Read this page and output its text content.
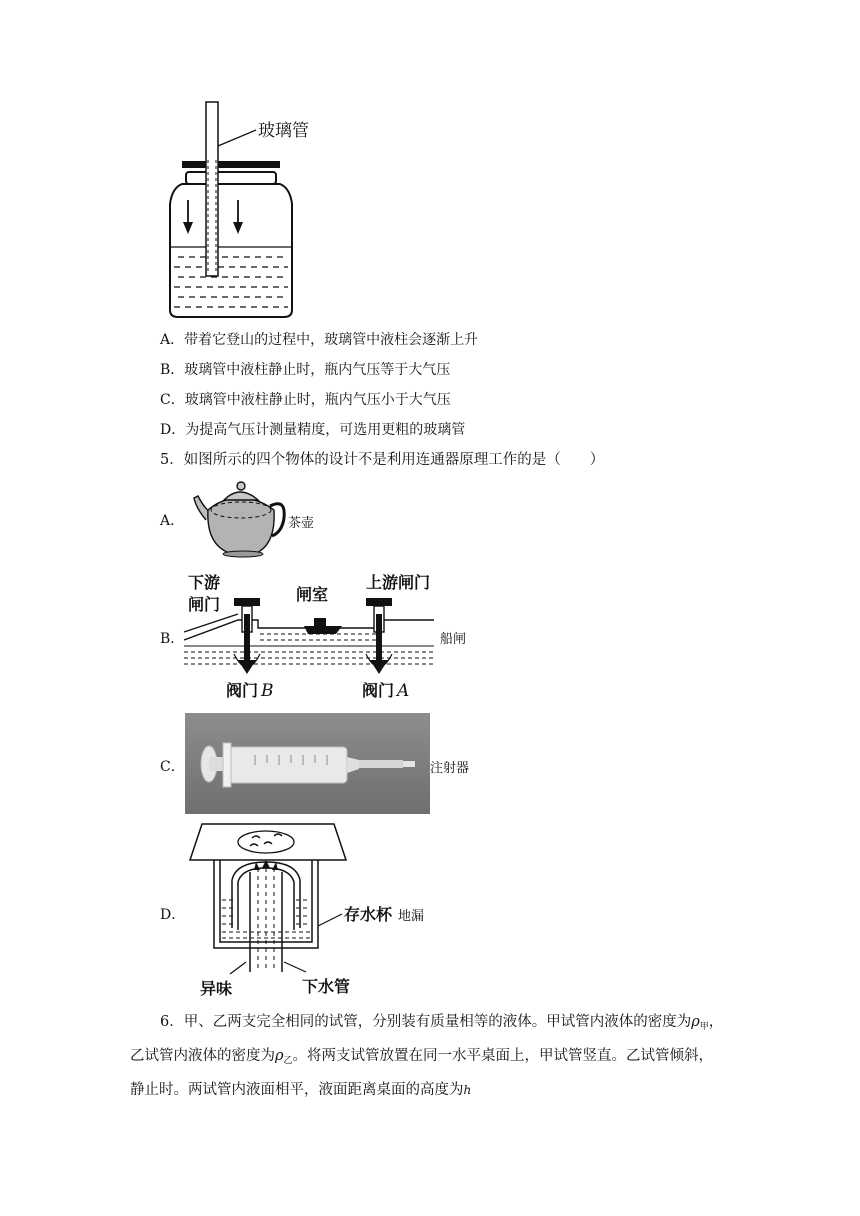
玻璃管
A．带着它登山的过程中，玻璃管中液柱会逐渐上升
B．玻璃管中液柱静止时，瓶内气压等于大气压
C．玻璃管中液柱静止时，瓶内气压小于大气压
D．为提高气压计测量精度，可选用更粗的玻璃管
5．如图所示的四个物体的设计不是利用连通器原理工作的是（　　）
A．	茶壶
B．
下游
闸门
闸室
上游闸门
阀门 B	阀门 A
船闸
C．	注射器
D．	存水杯
异味	下水管
地漏
6．甲、乙两支完全相同的试管，分别装有质量相等的液体。甲试管内液体的密度为$\rho_甲$，
乙试管内液体的密度为$\rho_乙$。将两支试管放置在同一水平桌面上，甲试管竖直。乙试管倾斜，
静止时。两试管内液面相平，液面距离桌面的高度为h
